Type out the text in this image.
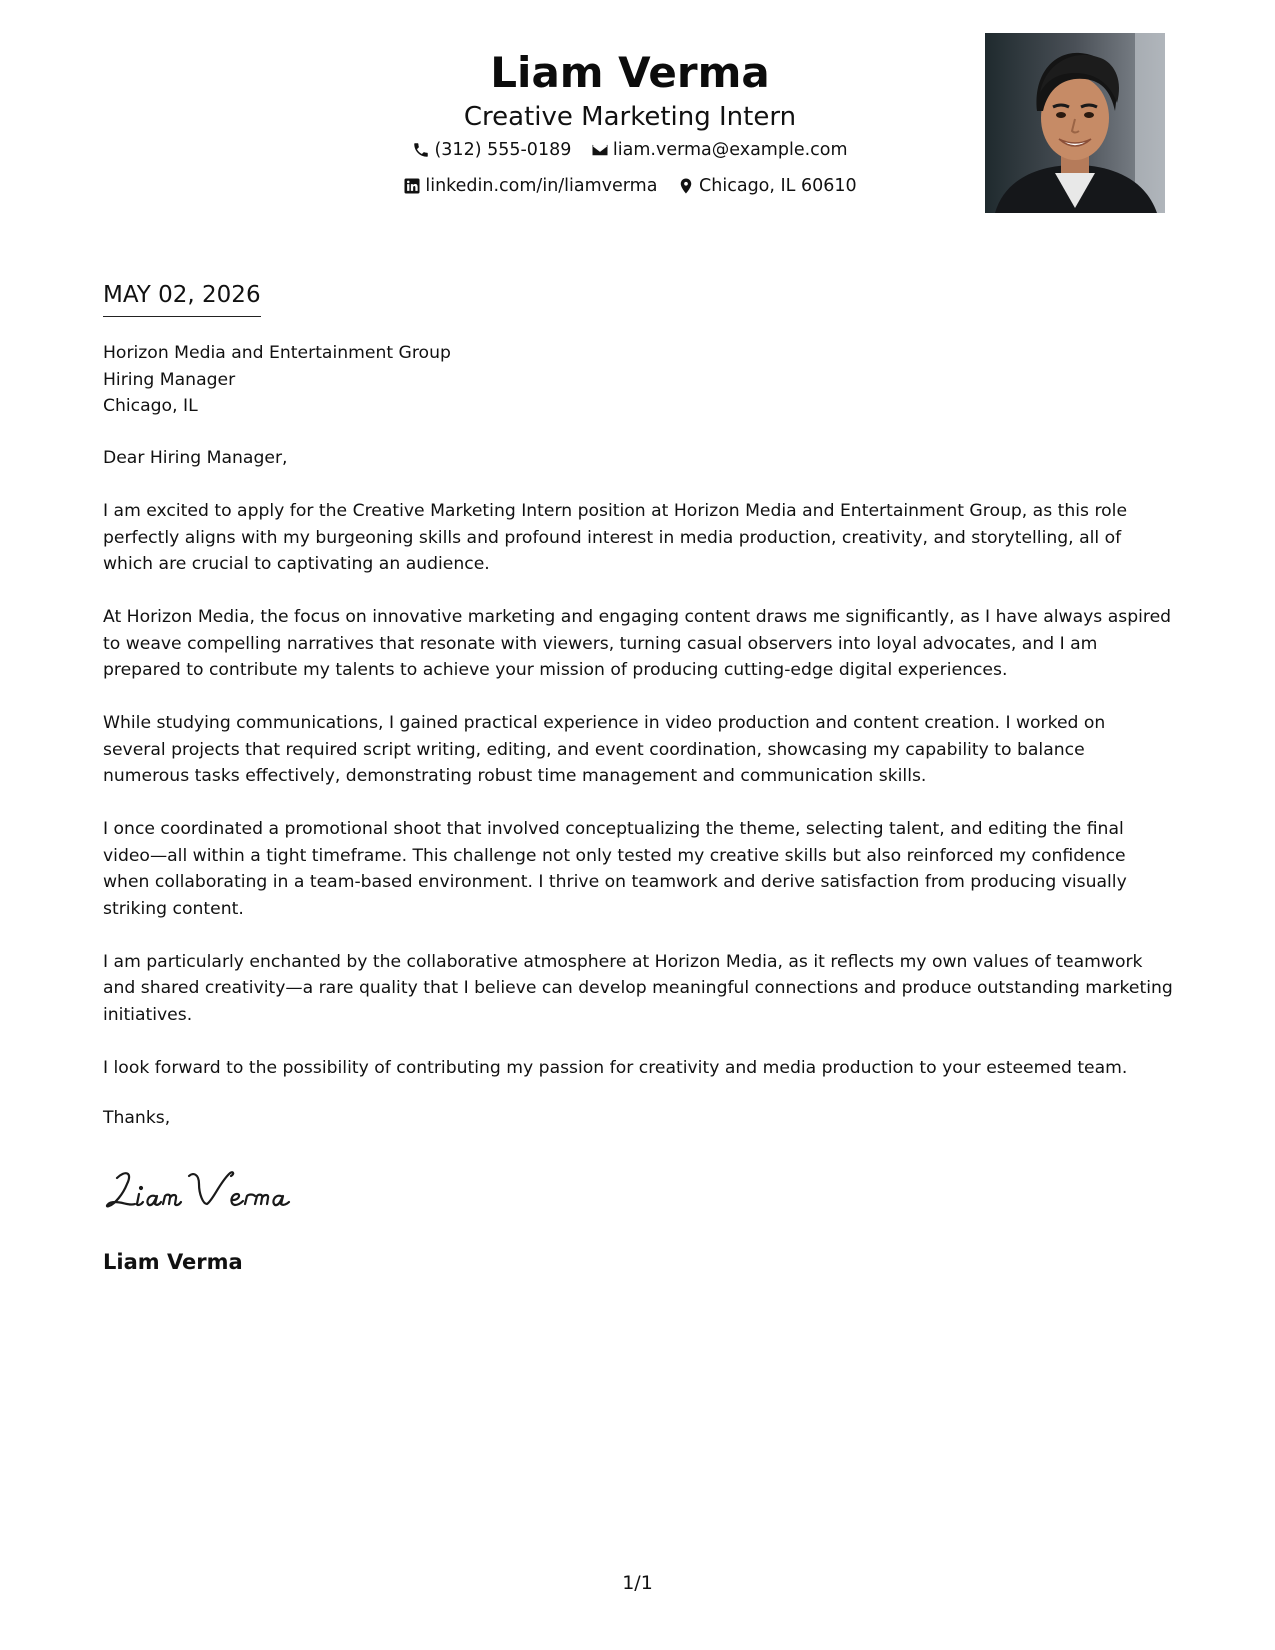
Liam Verma
Creative Marketing Intern
(312) 555-0189
liam.verma@example.com
linkedin.com/in/liamverma
Chicago, IL 60610
MAY 02, 2026
Horizon Media and Entertainment Group
Hiring Manager
Chicago, IL
Dear Hiring Manager,

I am excited to apply for the Creative Marketing Intern position at Horizon Media and Entertainment Group, as this role perfectly aligns with my burgeoning skills and profound interest in media production, creativity, and storytelling, all of which are crucial to captivating an audience.

At Horizon Media, the focus on innovative marketing and engaging content draws me significantly, as I have always aspired to weave compelling narratives that resonate with viewers, turning casual observers into loyal advocates, and I am prepared to contribute my talents to achieve your mission of producing cutting-edge digital experiences.

While studying communications, I gained practical experience in video production and content creation. I worked on several projects that required script writing, editing, and event coordination, showcasing my capability to balance numerous tasks effectively, demonstrating robust time management and communication skills.

I once coordinated a promotional shoot that involved conceptualizing the theme, selecting talent, and editing the final video—all within a tight timeframe. This challenge not only tested my creative skills but also reinforced my confidence when collaborating in a team-based environment. I thrive on teamwork and derive satisfaction from producing visually striking content.

I am particularly enchanted by the collaborative atmosphere at Horizon Media, as it reflects my own values of teamwork and shared creativity—a rare quality that I believe can develop meaningful connections and produce outstanding marketing initiatives.

I look forward to the possibility of contributing my passion for creativity and media production to your esteemed team.

Thanks,
Liam Verma
1/1
